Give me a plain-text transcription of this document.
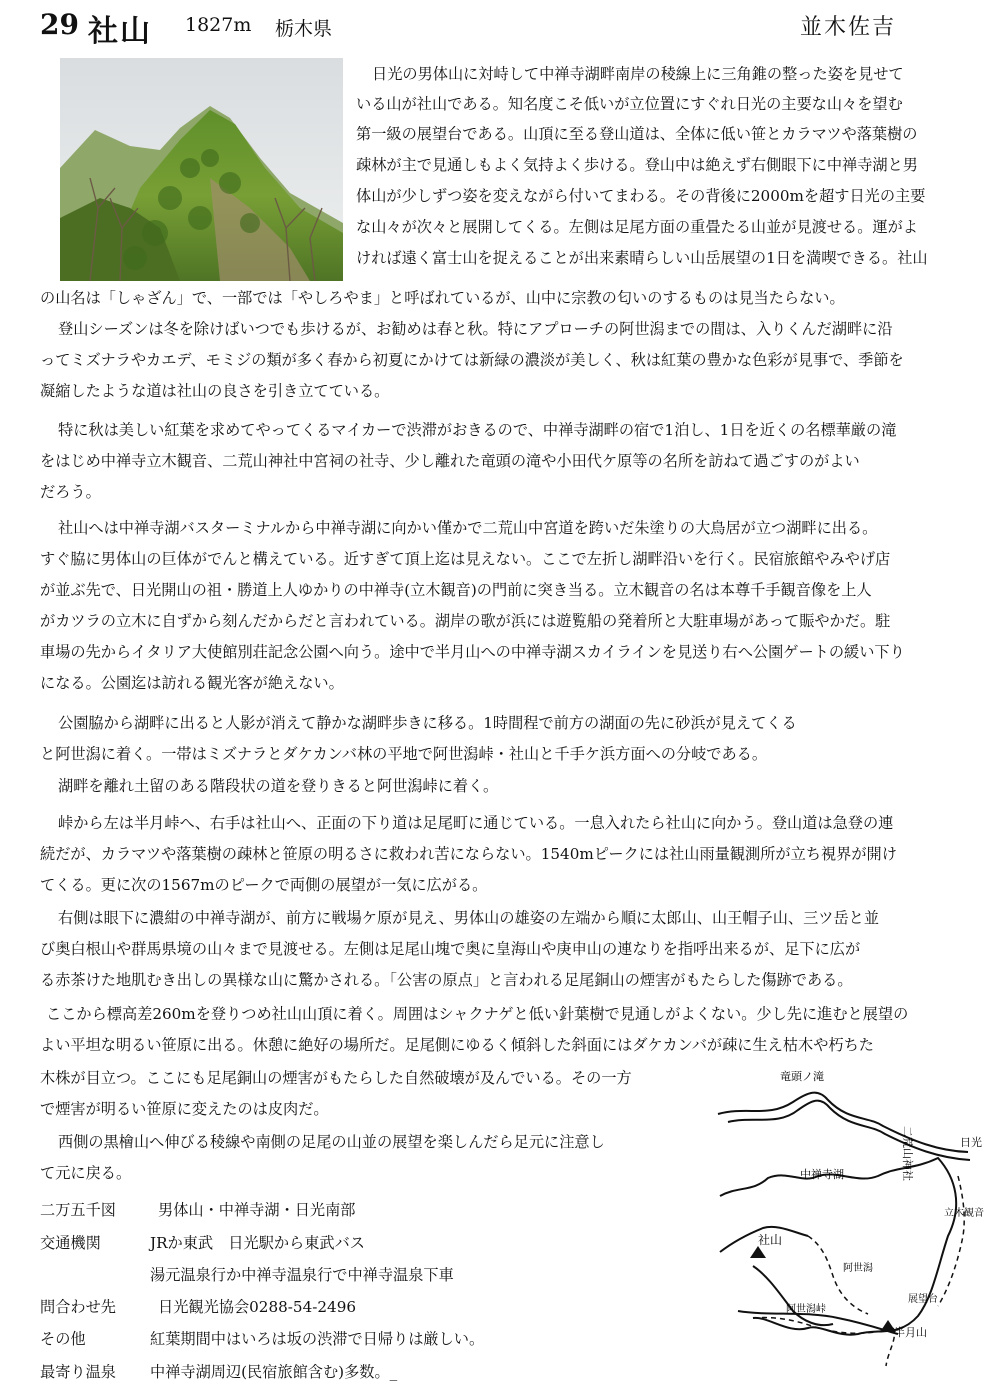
29 社山 1827m 栃木県	並木佐吉
日光の男体山に対峙して中禅寺湖畔南岸の稜線上に三角錐の整った姿を見せて
いる山が社山である。知名度こそ低いが立位置にすぐれ日光の主要な山々を望む
第一級の展望台である。山頂に至る登山道は、全体に低い笹とカラマツや落葉樹の
疎林が主で見通しもよく気持よく歩ける。登山中は絶えず右側眼下に中禅寺湖と男
体山が少しずつ姿を変えながら付いてまわる。その背後に2000mを超す日光の主要
な山々が次々と展開してくる。左側は足尾方面の重畳たる山並が見渡せる。運がよ
ければ遠く富士山を捉えることが出来素晴らしい山岳展望の1日を満喫できる。社山
の山名は「しゃざん」で、一部では「やしろやま」と呼ばれているが、山中に宗教の匂いのするものは見当たらない。
登山シーズンは冬を除けばいつでも歩けるが、お勧めは春と秋。特にアプローチの阿世潟までの間は、入りくんだ湖畔に沿
ってミズナラやカエデ、モミジの類が多く春から初夏にかけては新緑の濃淡が美しく、秋は紅葉の豊かな色彩が見事で、季節を
凝縮したような道は社山の良さを引き立てている。
特に秋は美しい紅葉を求めてやってくるマイカーで渋滞がおきるので、中禅寺湖畔の宿で1泊し、1日を近くの名標華厳の滝
をはじめ中禅寺立木観音、二荒山神社中宮祠の社寺、少し離れた竜頭の滝や小田代ケ原等の名所を訪ねて過ごすのがよい
だろう。
社山へは中禅寺湖バスターミナルから中禅寺湖に向かい僅かで二荒山中宮道を跨いだ朱塗りの大鳥居が立つ湖畔に出る。
すぐ脇に男体山の巨体がでんと構えている。近すぎて頂上迄は見えない。ここで左折し湖畔沿いを行く。民宿旅館やみやげ店
が並ぶ先で、日光開山の祖・勝道上人ゆかりの中禅寺(立木観音)の門前に突き当る。立木観音の名は本尊千手観音像を上人
がカツラの立木に自ずから刻んだからだと言われている。湖岸の歌が浜には遊覧船の発着所と大駐車場があって賑やかだ。駐
車場の先からイタリア大使館別荘記念公園へ向う。途中で半月山への中禅寺湖スカイラインを見送り右へ公園ゲートの緩い下り
になる。公園迄は訪れる観光客が絶えない。
公園脇から湖畔に出ると人影が消えて静かな湖畔歩きに移る。1時間程で前方の湖面の先に砂浜が見えてくる
と阿世潟に着く。一帯はミズナラとダケカンバ林の平地で阿世潟峠・社山と千手ケ浜方面への分岐である。
湖畔を離れ土留のある階段状の道を登りきると阿世潟峠に着く。
峠から左は半月峠へ、右手は社山へ、正面の下り道は足尾町に通じている。一息入れたら社山に向かう。登山道は急登の連
続だが、カラマツや落葉樹の疎林と笹原の明るさに救われ苦にならない。1540mピークには社山雨量観測所が立ち視界が開け
てくる。更に次の1567mのピークで両側の展望が一気に広がる。
右側は眼下に濃紺の中禅寺湖が、前方に戦場ケ原が見え、男体山の雄姿の左端から順に太郎山、山王帽子山、三ツ岳と並
び奥白根山や群馬県境の山々まで見渡せる。左側は足尾山塊で奥に皇海山や庚申山の連なりを指呼出来るが、足下に広が
る赤茶けた地肌むき出しの異様な山に驚かされる。「公害の原点」と言われる足尾銅山の煙害がもたらした傷跡である。
ここから標高差260mを登りつめ社山山頂に着く。周囲はシャクナゲと低い針葉樹で見通しがよくない。少し先に進むと展望の
よい平坦な明るい笹原に出る。休憩に絶好の場所だ。足尾側にゆるく傾斜した斜面にはダケカンバが疎に生え枯木や朽ちた
木株が目立つ。ここにも足尾銅山の煙害がもたらした自然破壊が及んでいる。その一方
で煙害が明るい笹原に変えたのは皮肉だ。
西側の黒檜山へ伸びる稜線や南側の足尾の山並の展望を楽しんだら足元に注意し
て元に戻る。
二万五千図	男体山・中禅寺湖・日光南部
交通機関	JRか東武　日光駅から東武バス
湯元温泉行か中禅寺温泉行で中禅寺温泉下車
問合わせ先	日光観光協会0288-54-2496
その他	紅葉期間中はいろは坂の渋滞で日帰りは厳しい。
最寄り温泉 中禅寺湖周辺(民宿旅館含む)多数。_
竜頭ノ滝
二荒山神社	日光
中禅寺湖
立木観音
社山
阿世潟
阿世潟峠
展望台
半月山
